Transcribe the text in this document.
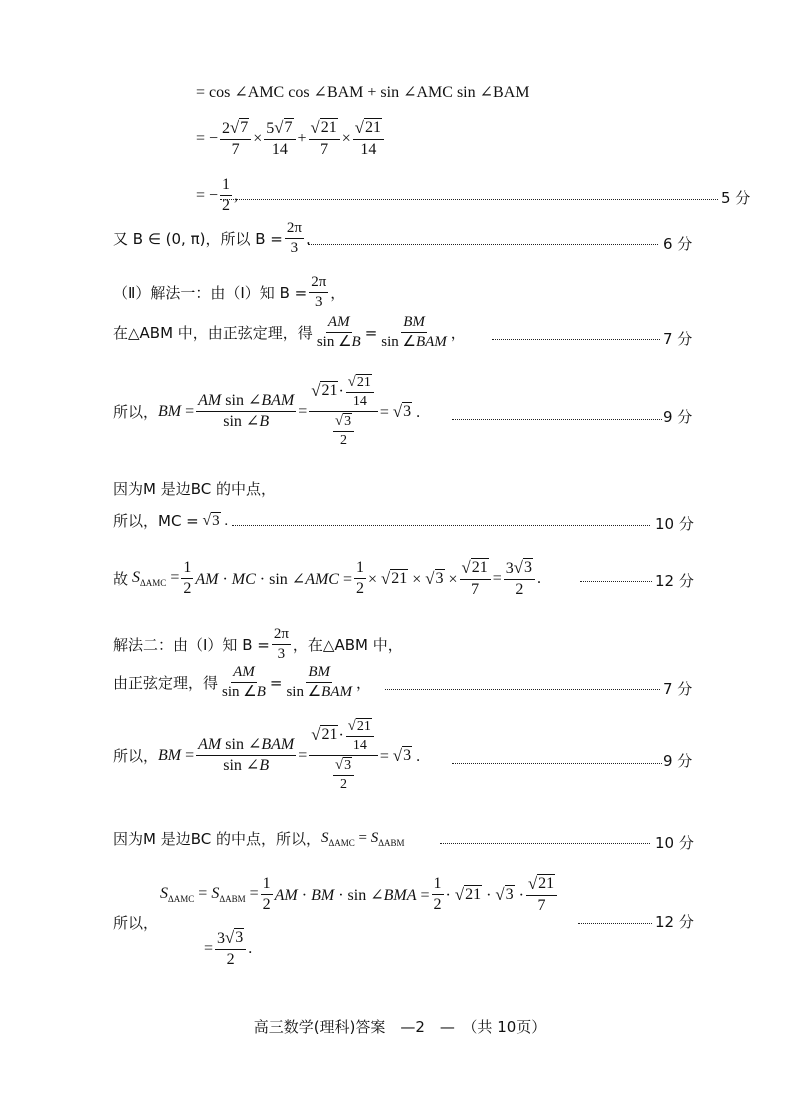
= cos ∠AMC cos ∠BAM + sin ∠AMC sin ∠BAM
= − $\frac{2 √ 7}{7} \times \frac{5 √ 7}{14} + \frac{√ 21}{7} \times \frac{√ 21}{14}$
= − $\frac{1}{2}$ ,	5 分
又 B ∈ (0, π)，所以 $B = \frac{2\pi}{3}$ .	6 分
（Ⅱ）解法一：由（Ⅰ）知 $B = \frac{2\pi}{3}$ ，
在△ABM 中，由正弦定理，得 $\frac{AM}{\sin \angle B} = \frac{BM}{\text{sin ∠BAM}}$ ，	7 分
所以， BM = $\frac{\text{AM sin ∠BAM}}{\sin \angle B} = \frac{√ 21 \cdot \frac{√ 21}{14}}{\frac{√ 3}{2}}$ = √ 3 .	9 分
因为M 是边BC 的中点，
所以，MC =
√ 3 .	10 分
故 $S_{\Delta AMC} = \frac{1}{2}$ AM · MC · sin ∠AMC = $\frac{1}{2}$ × √ 21 × √ $3 \times \frac{√ 21}{7} = \frac{3 √ 3}{2}$ .	12 分
解法二：由（Ⅰ）知 $B = \frac{2\pi}{3}$ ，在△ABM 中，
由正弦定理，得 $\frac{AM}{\sin \angle B} = \frac{BM}{\text{sin ∠BAM}}$ ，	7 分
所以， BM = $\frac{\text{AM sin ∠BAM}}{\sin \angle B} = \frac{√ 21 \cdot \frac{√ 21}{14}}{\frac{√ 3}{2}}$ = √ 3 .	9 分
因为M 是边BC 的中点，所以， $S_{\Delta AMC} = S_{\Delta ABM}$	10 分
所以，
$S_{\Delta AMC} = S_{\Delta ABM} = \frac{1}{2}$ AM · BM · sin ∠BMA = $\frac{1}{2}$ · √ 21 · √ $3 \cdot \frac{√ 21}{7}$
12 分
= $\frac{3 √ 3}{2}$ .
高三数学(理科)答案　—2　—　（共 10页）
